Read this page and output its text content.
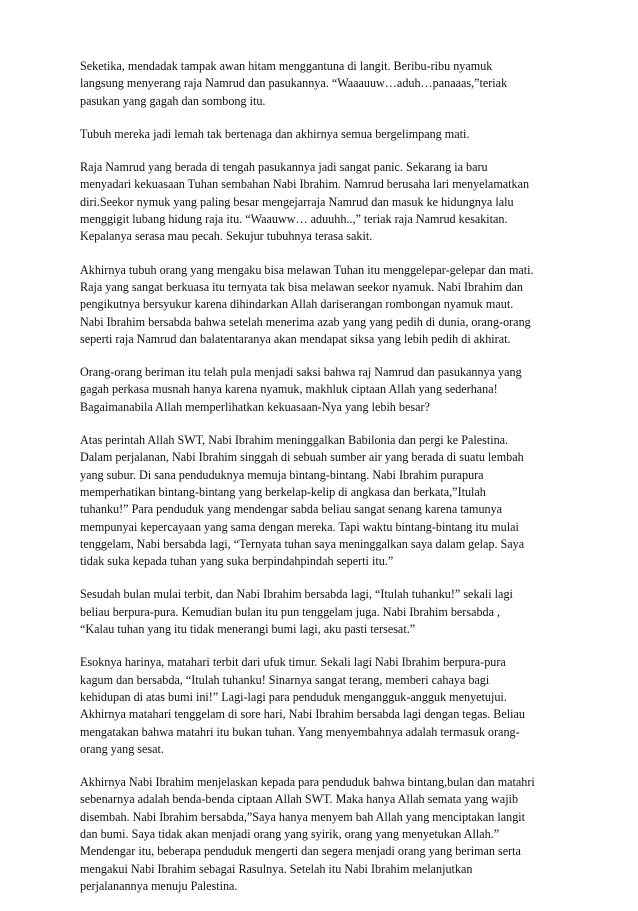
Seketika, mendadak tampak awan hitam menggantuna di langit. Beribu-ribu nyamuk
langsung menyerang raja Namrud dan pasukannya. “Waaauuw…aduh…panaaas,”teriak
pasukan yang gagah dan sombong itu.
Tubuh mereka jadi lemah tak bertenaga dan akhirnya semua bergelimpang mati.
Raja Namrud yang berada di tengah pasukannya jadi sangat panic. Sekarang ia baru
menyadari kekuasaan Tuhan sembahan Nabi Ibrahim. Namrud berusaha lari menyelamatkan
diri.Seekor nymuk yang paling besar mengejarraja Namrud dan masuk ke hidungnya lalu
menggigit lubang hidung raja itu. “Waauww… aduuhh..,” teriak raja Namrud kesakitan.
Kepalanya serasa mau pecah. Sekujur tubuhnya terasa sakit.
Akhirnya tubuh orang yang mengaku bisa melawan Tuhan itu menggelepar-gelepar dan mati.
Raja yang sangat berkuasa itu ternyata tak bisa melawan seekor nyamuk. Nabi Ibrahim dan
pengikutnya bersyukur karena dihindarkan Allah dariserangan rombongan nyamuk maut.
Nabi Ibrahim bersabda bahwa setelah menerima azab yang yang pedih di dunia, orang-orang
seperti raja Namrud dan balatentaranya akan mendapat siksa yang lebih pedih di akhirat.
Orang-orang beriman itu telah pula menjadi saksi bahwa raj Namrud dan pasukannya yang
gagah perkasa musnah hanya karena nyamuk, makhluk ciptaan Allah yang sederhana!
Bagaimanabila Allah memperlihatkan kekuasaan-Nya yang lebih besar?
Atas perintah Allah SWT, Nabi Ibrahim meninggalkan Babilonia dan pergi ke Palestina.
Dalam perjalanan, Nabi Ibrahim singgah di sebuah sumber air yang berada di suatu lembah
yang subur. Di sana penduduknya memuja bintang-bintang. Nabi Ibrahim purapura
memperhatikan bintang-bintang yang berkelap-kelip di angkasa dan berkata,”Itulah
tuhanku!” Para penduduk yang mendengar sabda beliau sangat senang karena tamunya
mempunyai kepercayaan yang sama dengan mereka. Tapi waktu bintang-bintang itu mulai
tenggelam, Nabi bersabda lagi, “Ternyata tuhan saya meninggalkan saya dalam gelap. Saya
tidak suka kepada tuhan yang suka berpindahpindah seperti itu.”
Sesudah bulan mulai terbit, dan Nabi Ibrahim bersabda lagi, “Itulah tuhanku!” sekali lagi
beliau berpura-pura. Kemudian bulan itu pun tenggelam juga. Nabi Ibrahim bersabda ,
“Kalau tuhan yang itu tidak menerangi bumi lagi, aku pasti tersesat.”
Esoknya harinya, matahari terbit dari ufuk timur. Sekali lagi Nabi Ibrahim berpura-pura
kagum dan bersabda, “Itulah tuhanku! Sinarnya sangat terang, memberi cahaya bagi
kehidupan di atas bumi ini!” Lagi-lagi para penduduk mengangguk-angguk menyetujui.
Akhirnya matahari tenggelam di sore hari, Nabi Ibrahim bersabda lagi dengan tegas. Beliau
mengatakan bahwa matahri itu bukan tuhan. Yang menyembahnya adalah termasuk orang-
orang yang sesat.
Akhirnya Nabi Ibrahim menjelaskan kepada para penduduk bahwa bintang,bulan dan matahri
sebenarnya adalah benda-benda ciptaan Allah SWT. Maka hanya Allah semata yang wajib
disembah. Nabi Ibrahim bersabda,”Saya hanya menyem bah Allah yang menciptakan langit
dan bumi. Saya tidak akan menjadi orang yang syirik, orang yang menyetukan Allah.”
Mendengar itu, beberapa penduduk mengerti dan segera menjadi orang yang beriman serta
mengakui Nabi Ibrahim sebagai Rasulnya. Setelah itu Nabi Ibrahim melanjutkan
perjalanannya menuju Palestina.
